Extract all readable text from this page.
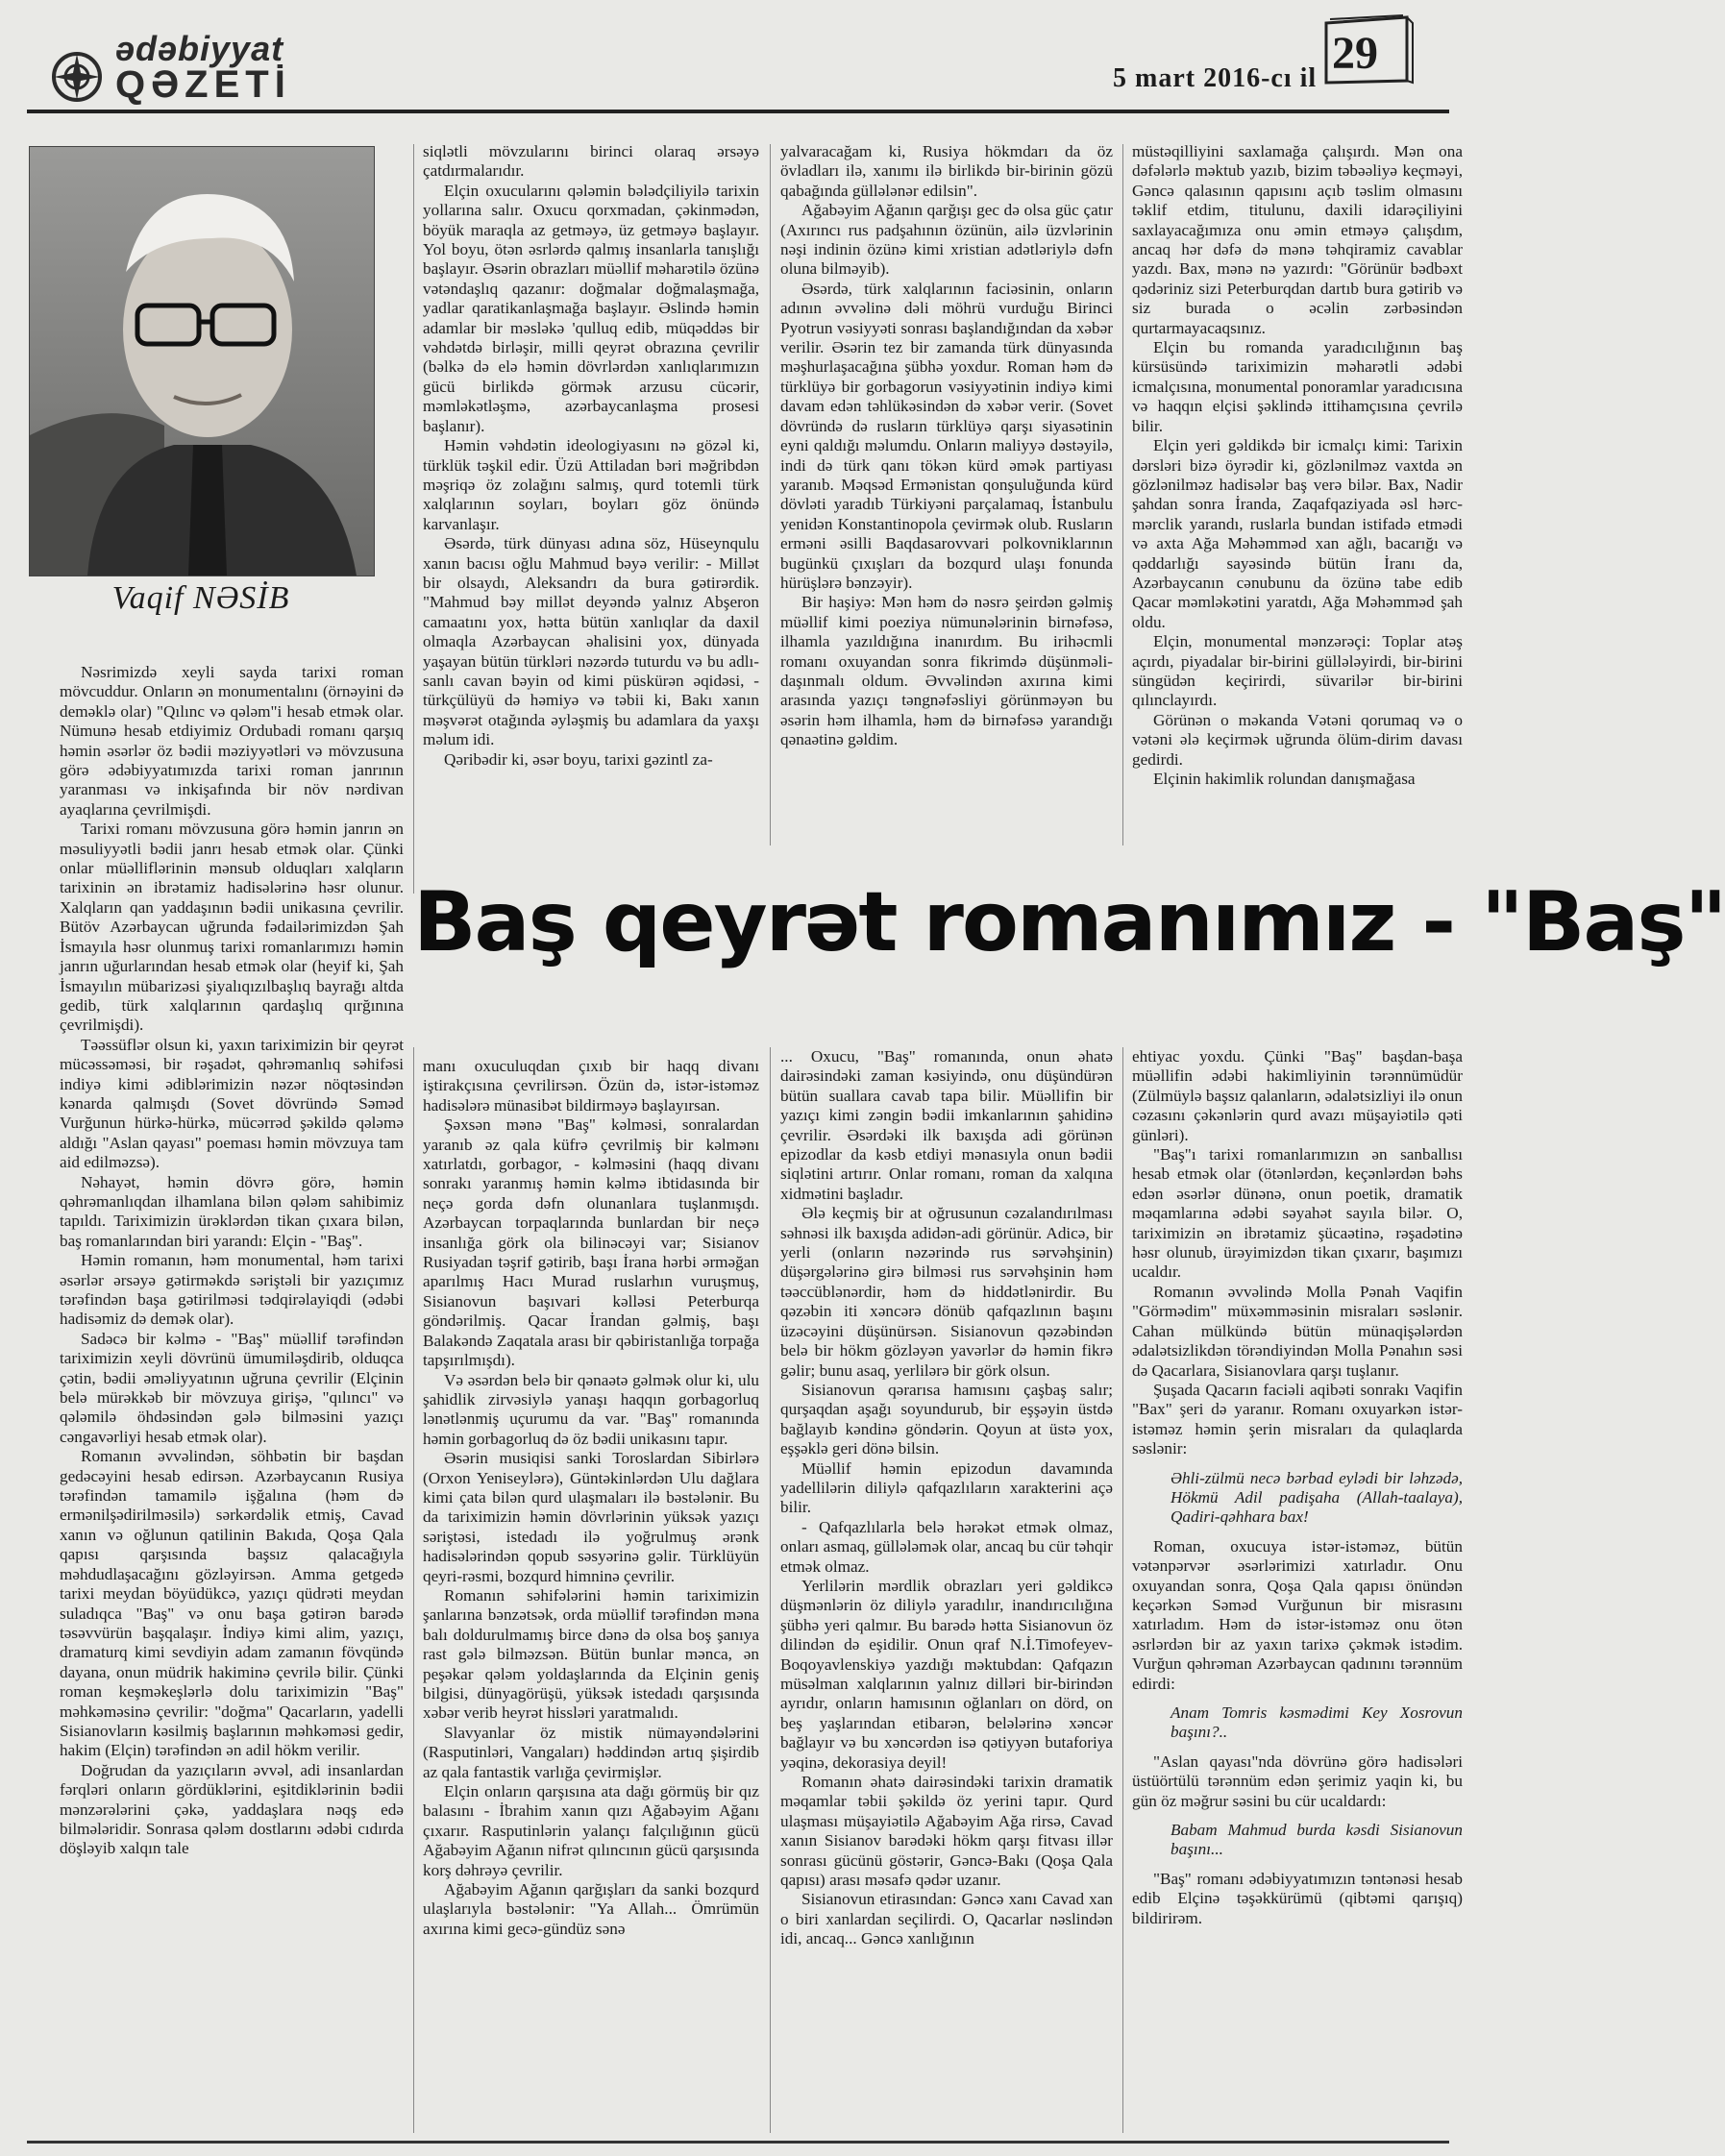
ədəbiyyat
QƏZETİ	5 mart 2016-cı il 29
Vaqif NƏSİB

Nəsrimizdə xeyli sayda tarixi roman mövcuddur. Onların ən monumentalını (örnəyini də deməklə olar) "Qılınc və qələm"i hesab etmək olar. Nümunə hesab etdiyimiz Ordubadi romanı qarşıq həmin əsərlər öz bədii məziyyətləri və mövzusuna görə ədəbiyyatımızda tarixi roman janrının yaranması və inkişafında bir növ nərdivan ayaqlarına çevrilmişdi.

Tarixi romanı mövzusuna görə həmin janrın ən məsuliyyətli bədii janrı hesab etmək olar. Çünki onlar müəlliflərinin mənsub olduqları xalqların tarixinin ən ibrətamiz hadisələrinə həsr olunur. Xalqların qan yaddaşının bədii unikasına çevrilir. Bütöv Azərbaycan uğrunda fədailərimizdən Şah İsmayıla həsr olunmuş tarixi romanlarımızı həmin janrın uğurlarından hesab etmək olar (heyif ki, Şah İsmayılın mübarizəsi şiyalıqızılbaşlıq bayrağı altda gedib, türk xalqlarının qardaşlıq qırğınına çevrilmişdi).

Təəssüflər olsun ki, yaxın tariximizin bir qeyrət mücəssəməsi, bir rəşadət, qəhrəmanlıq səhifəsi indiyə kimi ədiblərimizin nəzər nöqtəsindən kənarda qalmışdı (Sovet dövründə Səməd Vurğunun hürkə-hürkə, mücərrəd şəkildə qələmə aldığı "Aslan qayası" poeması həmin mövzuya tam aid edilməzsə).

Nəhayət, həmin dövrə görə, həmin qəhrəmanlıqdan ilhamlana bilən qələm sahibimiz tapıldı. Tariximizin ürəklərdən tikan çıxara bilən, baş romanlarından biri yarandı: Elçin - "Baş".

Həmin romanın, həm monumental, həm tarixi əsərlər ərsəyə gətirməkdə səriştəli bir yazıçımız tərəfindən başa gətirilməsi tədqirəlayiqdi (ədəbi hadisəmiz də demək olar).

Sadəcə bir kəlmə - "Baş" müəllif tərəfindən tariximizin xeyli dövrünü ümumiləşdirib, olduqca çətin, bədii əməliyyatının uğruna çevrilir (Elçinin belə mürəkkəb bir mövzuya girişə, "qılıncı" və qələmilə öhdəsindən gələ bilməsini yazıçı cəngavərliyi hesab etmək olar).

Romanın əvvəlindən, söhbətin bir başdan gedəcəyini hesab edirsən. Azərbaycanın Rusiya tərəfindən tamamilə işğalına (həm də ermənilşədirilməsilə) sərkərdəlik etmiş, Cavad xanın və oğlunun qatilinin Bakıda, Qoşa Qala qapısı qarşısında başsız qalacağıyla məhdudlaşacağını gözləyirsən. Amma getgedə tarixi meydan böyüdükcə, yazıçı qüdrəti meydan suladıqca "Baş" və onu başa gətirən barədə təsəvvürün başqalaşır. İndiyə kimi alim, yazıçı, dramaturq kimi sevdiyin adam zamanın fövqündə dayana, onun müdrik hakiminə çevrilə bilir. Çünki roman keşməkeşlərlə dolu tariximizin "Baş" məhkəməsinə çevrilir: "doğma" Qacarların, yadelli Sisianovların kəsilmiş başlarının məhkəməsi gedir, hakim (Elçin) tərəfindən ən adil hökm verilir.

Doğrudan da yazıçıların əvvəl, adi insanlardan fərqləri onların gördüklərini, eşitdiklərinin bədii mənzərələrini çəkə, yaddaşlara nəqş edə bilmələridir. Sonrasa qələm dostlarını ədəbi cıdırda döşləyib xalqın tale

siqlətli mövzularını birinci olaraq ərsəyə çatdırmalarıdır.

Elçin oxucularını qələmin bələdçiliyilə tarixin yollarına salır. Oxucu qorxmadan, çəkinmədən, böyük maraqla az getməyə, üz getməyə başlayır. Yol boyu, ötən əsrlərdə qalmış insanlarla tanışlığı başlayır. Əsərin obrazları müəllif məharətilə özünə vətəndaşlıq qazanır: doğmalar doğmalaşmağa, yadlar qaratikanlaşmağa başlayır. Əslində həmin adamlar bir məsləkə 'qulluq edib, müqəddəs bir vəhdətdə birləşir, milli qeyrət obrazına çevrilir (bəlkə də elə həmin dövrlərdən xanlıqlarımızın gücü birlikdə görmək arzusu cücərir, məmləkətləşmə, azərbaycanlaşma prosesi başlanır).

Həmin vəhdətin ideologiyasını nə gözəl ki, türklük təşkil edir. Üzü Attiladan bəri məğribdən məşriqə öz zolağını salmış, qurd totemli türk xalqlarının soyları, boyları göz önündə karvanlaşır.

Əsərdə, türk dünyası adına söz, Hüseynqulu xanın bacısı oğlu Mahmud bəyə verilir: - Millət bir olsaydı, Aleksandrı da bura gətirərdik. "Mahmud bəy millət deyəndə yalnız Abşeron camaatını yox, hətta bütün xanlıqlar da daxil olmaqla Azərbaycan əhalisini yox, dünyada yaşayan bütün türkləri nəzərdə tuturdu və bu adlı-sanlı cavan bəyin od kimi püskürən əqidəsi, - türkçülüyü də həmiyə və təbii ki, Bakı xanın məşvərət otağında əyləşmiş bu adamlara da yaxşı məlum idi.

Qəribədir ki, əsər boyu, tarixi gəzintl za-

yalvaracağam ki, Rusiya hökmdarı da öz övladları ilə, xanımı ilə birlikdə bir-birinin gözü qabağında güllələnər edilsin".

Ağabəyim Ağanın qarğışı gec də olsa güc çatır (Axırıncı rus padşahının özünün, ailə üzvlərinin nəşi indinin özünə kimi xristian adətləriylə dəfn oluna bilməyib).

Əsərdə, türk xalqlarının faciəsinin, onların adının əvvəlinə dəli möhrü vurduğu Birinci Pyotrun vəsiyyəti sonrası başlandığından da xəbər verilir. Əsərin tez bir zamanda türk dünyasında məşhurlaşacağına şübhə yoxdur. Roman həm də türklüyə bir gorbagorun vəsiyyətinin indiyə kimi davam edən təhlükəsindən də xəbər verir. (Sovet dövründə də rusların türklüyə qarşı siyasətinin eyni qaldığı məlumdu. Onların maliyyə dəstəyilə, indi də türk qanı tökən kürd əmək partiyası yaranıb. Məqsəd Ermənistan qonşuluğunda kürd dövləti yaradıb Türkiyəni parçalamaq, İstanbulu yenidən Konstantinopola çevirmək olub. Rusların erməni əsilli Baqdasarovvari polkovniklarının bugünkü çıxışları da bozqurd ulaşı fonunda hürüşlərə bənzəyir).

Bir haşiyə: Mən həm də nəsrə şeirdən gəlmiş müəllif kimi poeziya nümunələrinin birnəfəsə, ilhamla yazıldığına inanırdım. Bu irihəcmli romanı oxuyandan sonra fikrimdə düşünməli-daşınmalı oldum. Əvvəlindən axırına kimi arasında yazıçı təngnəfəsliyi görünməyən bu əsərin həm ilhamla, həm də birnəfəsə yarandığı qənaətinə gəldim.

müstəqilliyini saxlamağa çalışırdı. Mən ona dəfələrlə məktub yazıb, bizim təbəəliyə keçməyi, Gəncə qalasının qapısını açıb təslim olmasını təklif etdim, titulunu, daxili idarəçiliyini saxlayacağımıza onu əmin etməyə çalışdım, ancaq hər dəfə də mənə təhqiramiz cavablar yazdı. Bax, mənə nə yazırdı: "Görünür bədbəxt qədəriniz sizi Peterburqdan dartıb bura gətirib və siz burada o əcəlin zərbəsindən qurtarmayacaqsınız.

Elçin bu romanda yaradıcılığının baş kürsüsündə tariximizin məharətli ədəbi icmalçısına, monumental ponoramlar yaradıcısına və haqqın elçisi şəklində ittihamçısına çevrilə bilir.

Elçin yeri gəldikdə bir icmalçı kimi: Tarixin dərsləri bizə öyrədir ki, gözlənilməz vaxtda ən gözlənilməz hadisələr baş verə bilər. Bax, Nadir şahdan sonra İranda, Zaqafqaziyada əsl hərc-mərclik yarandı, ruslarla bundan istifadə etmədi və axta Ağa Məhəmməd xan ağlı, bacarığı və qəddarlığı sayəsində bütün İranı da, Azərbaycanın cənubunu da özünə tabe edib Qacar məmləkətini yaratdı, Ağa Məhəmməd şah oldu.

Elçin, monumental mənzərəçi: Toplar atəş açırdı, piyadalar bir-birini güllələyirdi, bir-birini süngüdən keçirirdi, süvarilər bir-birini qılınclayırdı.

Görünən o məkanda Vətəni qorumaq və o vətəni ələ keçirmək uğrunda ölüm-dirim davası gedirdi.

Elçinin hakimlik rolundan danışmağasa

Baş qeyrət romanımız - "Baş"

manı oxuculuqdan çıxıb bir haqq divanı iştirakçısına çevrilirsən. Özün də, istər-istəməz hadisələrə münasibət bildirməyə başlayırsan.

Şəxsən mənə "Baş" kəlməsi, sonralardan yaranıb əz qala küfrə çevrilmiş bir kəlmənı xatırlatdı, gorbagor, - kəlməsini (haqq divanı sonrakı yaranmış həmin kəlmə ibtidasında bir neçə gorda dəfn olunanlara tuşlanmışdı. Azərbaycan torpaqlarında bunlardan bir neçə insanlığa görk ola bilinəcəyi var; Sisianov Rusiyadan təşrif gətirib, başı İrana hərbi ərməğan aparılmış Hacı Murad ruslarhın vuruşmuş, Sisianovun başıvari kəlləsi Peterburqa göndərilmiş. Qacar İrandan gəlmiş, başı Balakəndə Zaqatala arası bir qəbiristanlığa torpağa tapşırılmışdı).

Və əsərdən belə bir qənaətə gəlmək olur ki, ulu şahidlik zirvəsiylə yanaşı haqqın gorbagorluq lənətlənmiş uçurumu da var. "Baş" romanında həmin gorbagorluq də öz bədii unikasını tapır.

Əsərin musiqisi sanki Toroslardan Sibirlərə (Orxon Yeniseylərə), Güntəkinlərdən Ulu dağlara kimi çata bilən qurd ulaşmaları ilə bəstələnir. Bu da tariximizin həmin dövrlərinin yüksək yazıçı səriştəsi, istedadı ilə yoğrulmuş ərənk hadisələrindən qopub səsyərinə gəlir. Türklüyün qeyri-rəsmi, bozqurd himninə çevrilir.

Romanın səhifələrini həmin tariximizin şanlarına bənzətsək, orda müəllif tərəfindən məna balı doldurulmamış birce dənə də olsa boş şanıya rast gələ bilməzsən. Bütün bunlar mənca, ən peşəkar qələm yoldaşlarında da Elçinin geniş bilgisi, dünyagörüşü, yüksək istedadı qarşısında xəbər verib heyrət hissləri yaratmalıdı.

Slavyanlar öz mistik nümayəndələrini (Rasputinləri, Vangaları) həddindən artıq şişirdib az qala fantastik varlığa çevirmişlər.

Elçin onların qarşısına ata dağı görmüş bir qız balasını - İbrahim xanın qızı Ağabəyim Ağanı çıxarır. Rasputinlərin yalançı falçılığının gücü Ağabəyim Ağanın nifrət qılıncının gücü qarşısında korş dəhrəyə çevrilir.

Ağabəyim Ağanın qarğışları da sanki bozqurd ulaşlarıyla bəstələnir: "Ya Allah... Ömrümün axırına kimi gecə-gündüz sənə

... Oxucu, "Baş" romanında, onun əhatə dairəsindəki zaman kəsiyində, onu düşündürən bütün suallara cavab tapa bilir. Müəllifin bir yazıçı kimi zəngin bədii imkanlarının şahidinə çevrilir. Əsərdəki ilk baxışda adi görünən epizodlar da kəsb etdiyi mənasıyla onun bədii siqlətini artırır. Onlar romanı, roman da xalqına xidmətini başladır.

Ələ keçmiş bir at oğrusunun cəzalandırılması səhnəsi ilk baxışda adidən-adi görünür. Adicə, bir yerli (onların nəzərində rus sərvəhşinin) düşərgələrinə girə bilməsi rus sərvəhşinin həm təəccüblənərdir, həm də hiddətlənirdir. Bu qəzəbin iti xəncərə dönüb qafqazlının başını üzəcəyini düşünürsən. Sisianovun qəzəbindən belə bir hökm gözləyən yavərlər də həmin fikrə gəlir; bunu asaq, yerlilərə bir görk olsun.

Sisianovun qərarısa hamısını çaşbaş salır; qurşaqdan aşağı soyundurub, bir eşşəyin üstdə bağlayıb kəndinə göndərin. Qoyun at üstə yox, eşşəklə geri dönə bilsin.

Müəllif həmin epizodun davamında yadellilərin diliylə qafqazlıların xarakterini açə bilir.

- Qafqazlılarla belə hərəkət etmək olmaz, onları asmaq, güllələmək olar, ancaq bu cür təhqir etmək olmaz.

Yerlilərin mərdlik obrazları yeri gəldikcə düşmənlərin öz diliylə yaradılır, inandırıcılığına şübhə yeri qalmır. Bu barədə hətta Sisianovun öz dilindən də eşidilir. Onun qraf N.İ.Timofeyev-Boqoyavlenskiyə yazdığı məktubdan: Qafqazın müsəlman xalqlarının yalnız dilləri bir-birindən ayrıdır, onların hamısının oğlanları on dörd, on beş yaşlarından etibarən, belələrinə xəncər bağlayır və bu xəncərdən isə qətiyyən butaforiya yəqinə, dekorasiya deyil!

Romanın əhatə dairəsindəki tarixin dramatik məqamlar təbii şəkildə öz yerini tapır. Qurd ulaşması müşayiətilə Ağabəyim Ağa rirsə, Cavad xanın Sisianov barədəki hökm qarşı fitvası illər sonrası gücünü göstərir, Gəncə-Bakı (Qoşa Qala qapısı) arası məsafə qədər uzanır.

Sisianovun etirasından: Gəncə xanı Cavad xan o biri xanlardan seçilirdi. O, Qacarlar nəslindən idi, ancaq... Gəncə xanlığının

ehtiyac yoxdu. Çünki "Baş" başdan-başa müəllifin ədəbi hakimliyinin tərənnümüdür (Zülmüylə başsız qalanların, ədalətsizliyi ilə onun cəzasını çəkənlərin qurd avazı müşayiətilə qəti günləri).

"Baş"ı tarixi romanlarımızın ən sanballısı hesab etmək olar (ötənlərdən, keçənlərdən bəhs edən əsərlər dünənə, onun poetik, dramatik məqamlarına ədəbi səyahət sayıla bilər. O, tariximizin ən ibrətamiz şücaətinə, rəşadətinə həsr olunub, ürəyimizdən tikan çıxarır, başımızı ucaldır.

Romanın əvvəlində Molla Pənah Vaqifin "Görmədim" müxəmməsinin misraları səslənir. Cahan mülkündə bütün münaqişələrdən ədalətsizlikdən törəndiyindən Molla Pənahın səsi də Qacarlara, Sisianovlara qarşı tuşlanır.

Şuşada Qacarın faciəli aqibəti sonrakı Vaqifin "Bax" şeri də yaranır. Romanı oxuyarkən istər-istəməz həmin şerin misraları da qulaqlarda səslənir:

Əhli-zülmü necə bərbad eylədi bir ləhzədə, Hökmü Adil padişaha (Allah-taalaya), Qadiri-qəhhara bax!

Roman, oxucuya istər-istəməz, bütün vətənpərvər əsərlərimizi xatırladır. Onu oxuyandan sonra, Qoşa Qala qapısı önündən keçərkən Səməd Vurğunun bir misrasını xatırladım. Həm də istər-istəməz onu ötən əsrlərdən bir az yaxın tarixə çəkmək istədim. Vurğun qəhrəman Azərbaycan qadınını tərənnüm edirdi:

Anam Tomris kəsmədimi Key Xosrovun başını?..

"Aslan qayası"nda dövrünə görə hadisələri üstüörtülü tərənnüm edən şerimiz yaqin ki, bu gün öz məğrur səsini bu cür ucaldardı:

Babam Mahmud burda kəsdi Sisianovun başını...

"Baş" romanı ədəbiyyatımızın təntənəsi hesab edib Elçinə təşəkkürümü (qibtəmi qarışıq) bildirirəm.
